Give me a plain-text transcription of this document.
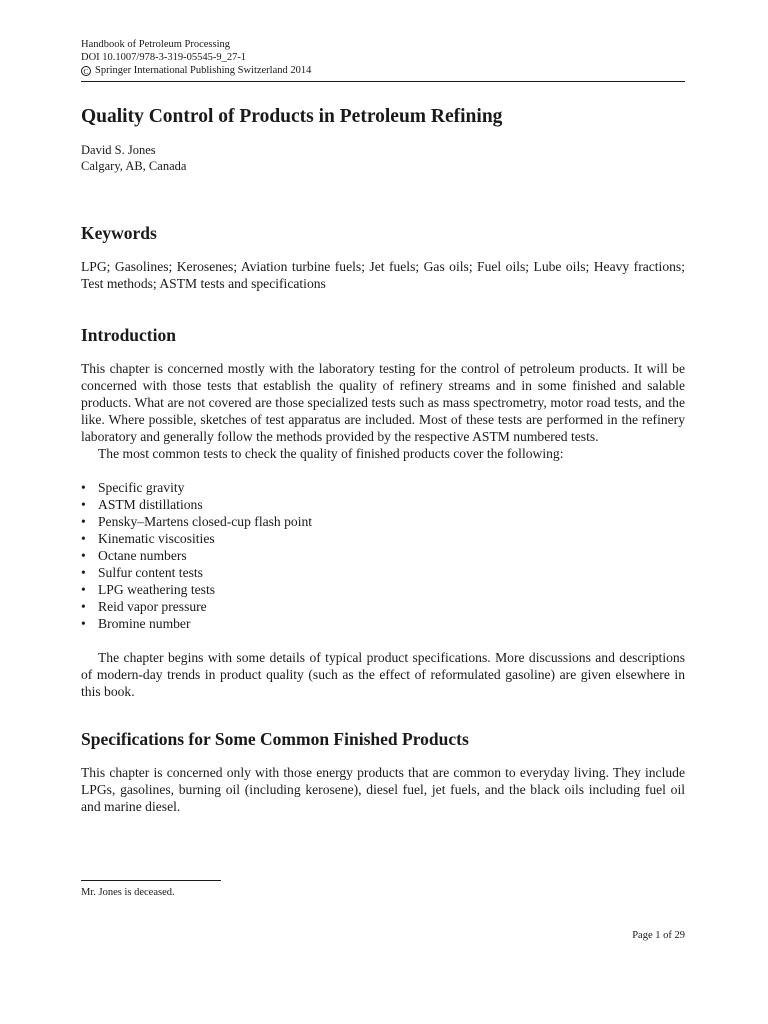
Handbook of Petroleum Processing
DOI 10.1007/978-3-319-05545-9_27-1
C Springer International Publishing Switzerland 2014
Quality Control of Products in Petroleum Refining
David S. Jones
Calgary, AB, Canada
Keywords

LPG; Gasolines; Kerosenes; Aviation turbine fuels; Jet fuels; Gas oils; Fuel oils; Lube oils; Heavy fractions; Test methods; ASTM tests and specifications

Introduction

This chapter is concerned mostly with the laboratory testing for the control of petroleum products. It will be concerned with those tests that establish the quality of refinery streams and in some finished and salable products. What are not covered are those specialized tests such as mass spectrometry, motor road tests, and the like. Where possible, sketches of test apparatus are included. Most of these tests are performed in the refinery laboratory and generally follow the methods provided by the respective ASTM numbered tests.

The most common tests to check the quality of finished products cover the following:

• Specific gravity
• ASTM distillations
• Pensky–Martens closed-cup flash point
• Kinematic viscosities
• Octane numbers
• Sulfur content tests
• LPG weathering tests
• Reid vapor pressure
• Bromine number

The chapter begins with some details of typical product specifications. More discussions and descriptions of modern-day trends in product quality (such as the effect of reformulated gasoline) are given elsewhere in this book.

Specifications for Some Common Finished Products

This chapter is concerned only with those energy products that are common to everyday living. They include LPGs, gasolines, burning oil (including kerosene), diesel fuel, jet fuels, and the black oils including fuel oil and marine diesel.

Mr. Jones is deceased.
Page 1 of 29
